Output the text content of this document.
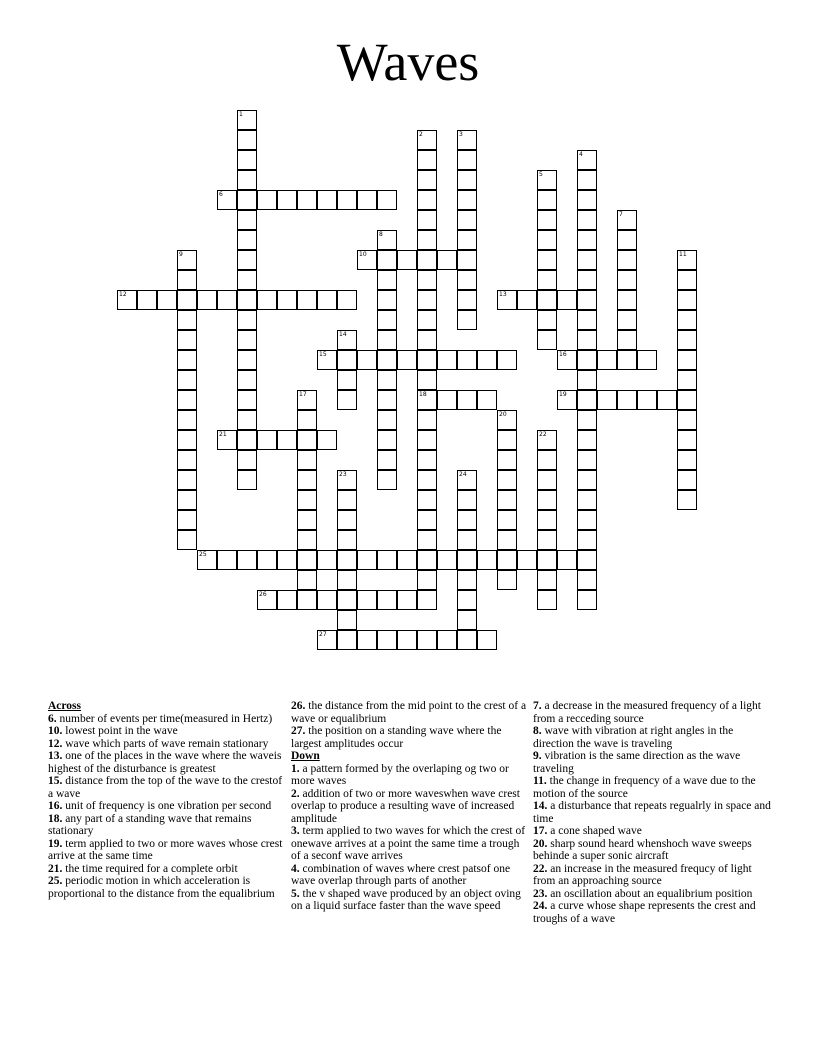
Waves
6
10
12	13
15	16
18	19
21
25
26
27
1
2	3
4
5
7
8
9	11
14
17
20
22
23	24
Across
6. number of events per time(measured in Hertz)
10. lowest point in the wave
12. wave which parts of wave remain stationary
13. one of the places in the wave where the waveis highest of the disturbance is greatest
15. distance from the top of the wave to the crestof a wave
16. unit of frequency is one vibration per second
18. any part of a standing wave that remains stationary
19. term applied to two or more waves whose crest arrive at the same time
21. the time required for a complete orbit
25. periodic motion in which acceleration is proportional to the distance from the equalibrium
26. the distance from the mid point to the crest of a wave or equalibrium
27. the position on a standing wave where the largest amplitudes occur
Down
1. a pattern formed by the overlaping og two or more waves
2. addition of two or more waveswhen wave crest overlap to produce a resulting wave of increased amplitude
3. term applied to two waves for which the crest of onewave arrives at a point the same time a trough of a seconf wave arrives
4. combination of waves where crest patsof one wave overlap through parts of another
5. the v shaped wave produced by an object oving on a liquid surface faster than the wave speed
7. a decrease in the measured frequency of a light from a recceding source
8. wave with vibration at right angles in the direction the wave is traveling
9. vibration is the same direction as the wave traveling
11. the change in frequency of a wave due to the motion of the source
14. a disturbance that repeats regualrly in space and time
17. a cone shaped wave
20. sharp sound heard whenshoch wave sweeps behinde a super sonic aircraft
22. an increase in the measured frequcy of light from an approaching source
23. an oscillation about an equalibrium position
24. a curve whose shape represents the crest and troughs of a wave
